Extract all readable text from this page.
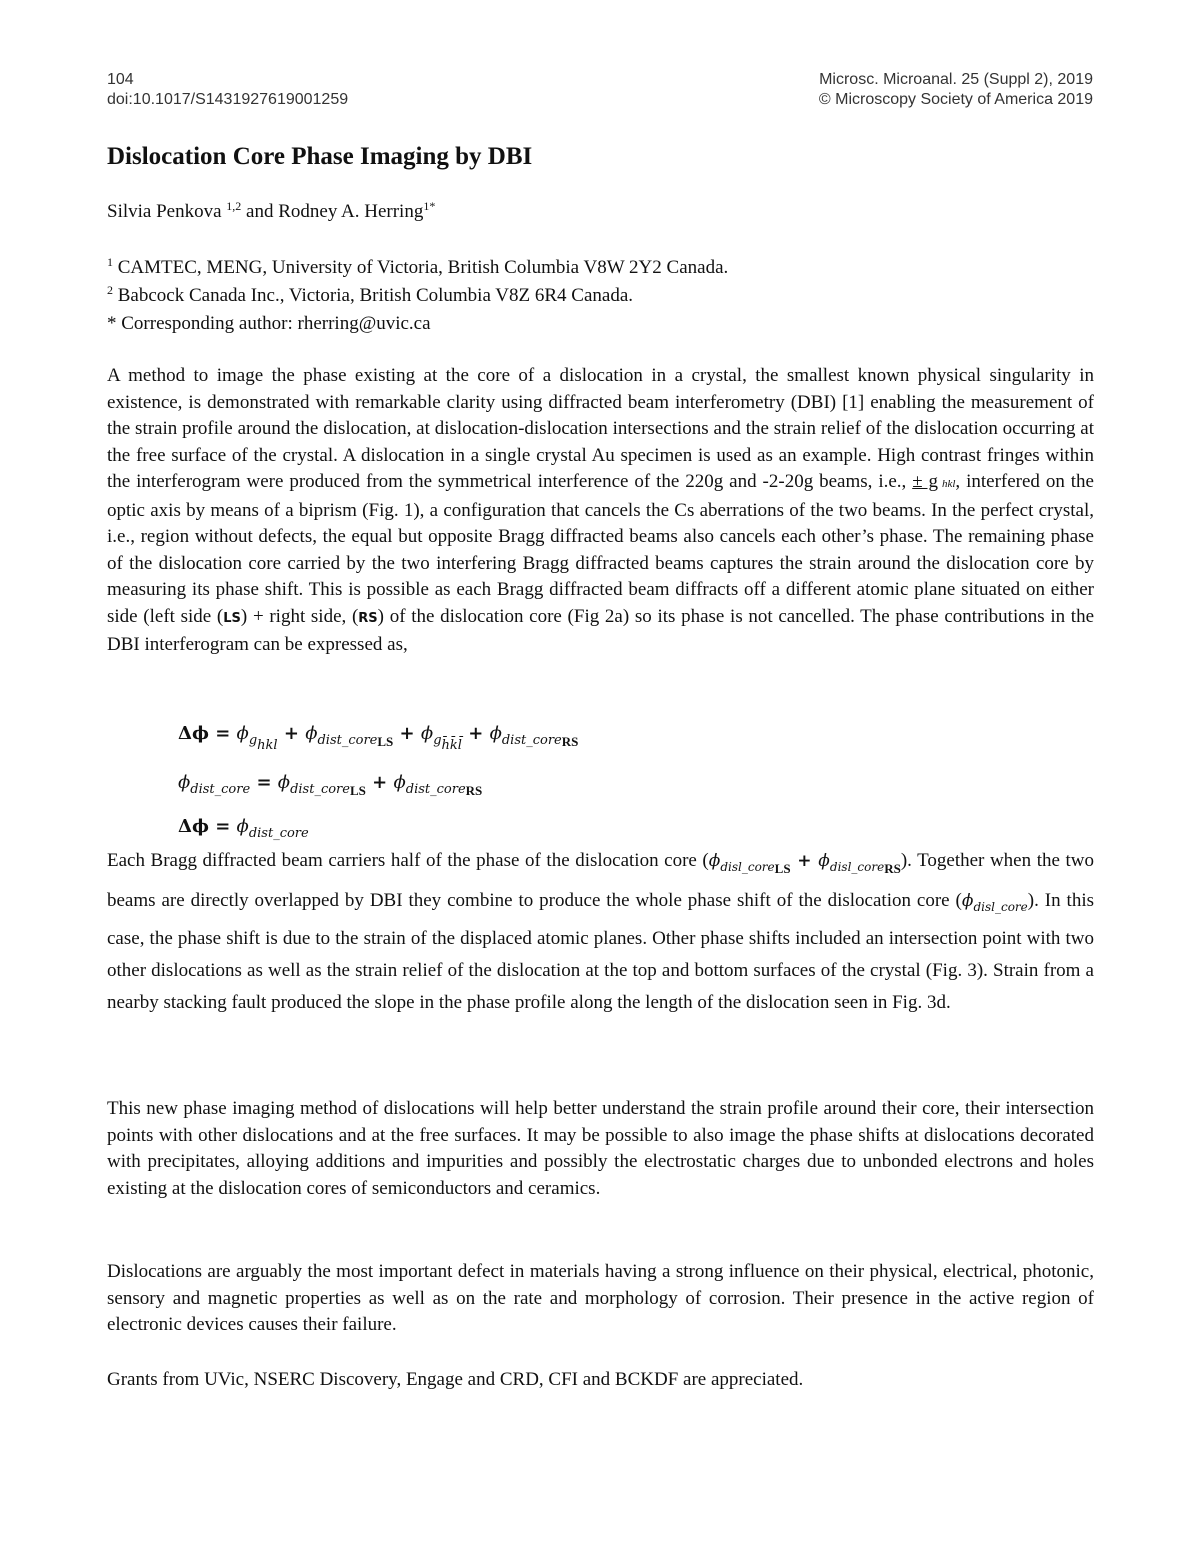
104
doi:10.1017/S1431927619001259
Microsc. Microanal. 25 (Suppl 2), 2019
© Microscopy Society of America 2019
Dislocation Core Phase Imaging by DBI
Silvia Penkova $^{1,2}$ and Rodney A. Herring$^{1*}$
$^1$ CAMTEC, MENG, University of Victoria, British Columbia V8W 2Y2 Canada.
$^2$ Babcock Canada Inc., Victoria, British Columbia V8Z 6R4 Canada.
* Corresponding author: rherring@uvic.ca

A method to image the phase existing at the core of a dislocation in a crystal, the smallest known physical singularity in existence, is demonstrated with remarkable clarity using diffracted beam interferometry (DBI) [1] enabling the measurement of the strain profile around the dislocation, at dislocation-dislocation intersections and the strain relief of the dislocation occurring at the free surface of the crystal. A dislocation in a single crystal Au specimen is used as an example. High contrast fringes within the interferogram were produced from the symmetrical interference of the 220g and -2-20g beams, i.e., ± g hkl, interfered on the optic axis by means of a biprism (Fig. 1), a configuration that cancels the Cs aberrations of the two beams. In the perfect crystal, i.e., region without defects, the equal but opposite Bragg diffracted beams also cancels each other’s phase. The remaining phase of the dislocation core carried by the two interfering Bragg diffracted beams captures the strain around the dislocation core by measuring its phase shift. This is possible as each Bragg diffracted beam diffracts off a different atomic plane situated on either side (left side (LS) + right side, (RS) of the dislocation core (Fig 2a) so its phase is not cancelled. The phase contributions in the DBI interferogram can be expressed as,

$\Delta\phi = \phi_{ghkl} + \phi_{dist\_coreLS} + \phi_{gh̄k̄l̄} + \phi_{dist\_coreRS}$
$\phi_{dist\_core} = \phi_{dist\_coreLS} + \phi_{dist\_coreRS}$
$\Delta\phi = \phi_{dist\_core}$

Each Bragg diffracted beam carriers half of the phase of the dislocation core $(\phi_{disl\_coreLS} + \phi_{disl\_coreRS})$. Together when the two beams are directly overlapped by DBI they combine to produce the whole phase shift of the dislocation core $(\phi_{disl\_core})$. In this case, the phase shift is due to the strain of the displaced atomic planes. Other phase shifts included an intersection point with two other dislocations as well as the strain relief of the dislocation at the top and bottom surfaces of the crystal (Fig. 3). Strain from a nearby stacking fault produced the slope in the phase profile along the length of the dislocation seen in Fig. 3d.

This new phase imaging method of dislocations will help better understand the strain profile around their core, their intersection points with other dislocations and at the free surfaces. It may be possible to also image the phase shifts at dislocations decorated with precipitates, alloying additions and impurities and possibly the electrostatic charges due to unbonded electrons and holes existing at the dislocation cores of semiconductors and ceramics.

Dislocations are arguably the most important defect in materials having a strong influence on their physical, electrical, photonic, sensory and magnetic properties as well as on the rate and morphology of corrosion. Their presence in the active region of electronic devices causes their failure.

Grants from UVic, NSERC Discovery, Engage and CRD, CFI and BCKDF are appreciated.
